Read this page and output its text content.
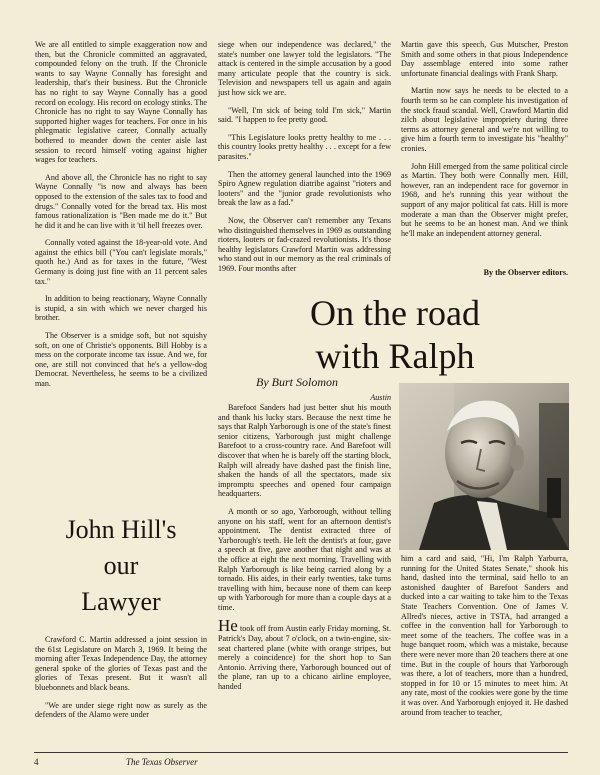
We are all entitled to simple exaggeration now and then, but the Chronicle committed an aggravated, compounded felony on the truth. If the Chronicle wants to say Wayne Connally has foresight and leadership, that's their business. But the Chronicle has no right to say Wayne Connally has a good record on ecology. His record on ecology stinks. The Chronicle has no right to say Wayne Connally has supported higher wages for teachers. For once in his phlegmatic legislative career, Connally actually bothered to meander down the center aisle last session to record himself voting against higher wages for teachers.

And above all, the Chronicle has no right to say Wayne Connally "is now and always has been opposed to the extension of the sales tax to food and drugs." Connally voted for the bread tax. His most famous rationalization is "Ben made me do it." But he did it and he can live with it 'til hell freezes over.

Connally voted against the 18-year-old vote. And against the ethics bill ("You can't legislate morals," quoth he.) And as for taxes in the future, "West Germany is doing just fine with an 11 percent sales tax."

In addition to being reactionary, Wayne Connally is stupid, a sin with which we never charged his brother.

The Observer is a smidge soft, but not squishy soft, on one of Christie's opponents. Bill Hobby is a mess on the corporate income tax issue. And we, for one, are still not convinced that he's a yellow-dog Democrat. Nevertheless, he seems to be a civilized man.

siege when our independence was declared," the state's number one lawyer told the legislators. "The attack is centered in the simple accusation by a good many articulate people that the country is sick. Television and newspapers tell us again and again just how sick we are.

"Well, I'm sick of being told I'm sick," Martin said. "I happen to fee pretty good.

"This Legislature looks pretty healthy to me . . . this country looks pretty healthy . . . except for a few parasites."

Then the attorney general launched into the 1969 Spiro Agnew regulation diatribe against "rioters and looters" and the "junior grade revolutionists who break the law as a fad."

Now, the Observer can't remember any Texans who distinguished themselves in 1969 as outstanding rioters, looters or fad-crazed revolutionists. It's those healthy legislators Crawford Martin was addressing who stand out in our memory as the real criminals of 1969. Four months after

Martin gave this speech, Gus Mutscher, Preston Smith and some others in that pious Independence Day assemblage entered into some rather unfortunate financial dealings with Frank Sharp.

Martin now says he needs to be elected to a fourth term so he can complete his investigation of the stock fraud scandal. Well, Crawford Martin did zilch about legislative impropriety during three terms as attorney general and we're not willing to give him a fourth term to investigate his "healthy" cronies.

John Hill emerged from the same political circle as Martin. They both were Connally men. Hill, however, ran an independent race for governor in 1968, and he's running this year without the support of any major political fat cats. Hill is more moderate a man than the Observer might prefer, but he seems to be an honest man. And we think he'll make an independent attorney general.

By the Observer editors.
On the road
with Ralph
By Burt Solomon
Austin

Barefoot Sanders had just better shut his mouth and thank his lucky stars. Because the next time he says that Ralph Yarborough is one of the state's finest senior citizens, Yarborough just might challenge Barefoot to a cross-country race. And Barefoot will discover that when he is barely off the starting block, Ralph will already have dashed past the finish line, shaken the hands of all the spectators, made six impromptu speeches and opened four campaign headquarters.

A month or so ago, Yarborough, without telling anyone on his staff, went for an afternoon dentist's appointment. The dentist extracted three of Yarborough's teeth. He left the dentist's at four, gave a speech at five, gave another that night and was at the office at eight the next morning. Travelling with Ralph Yarborough is like being carried along by a tornado. His aides, in their early twenties, take turns travelling with him, because none of them can keep up with Yarborough for more than a couple days at a time.

He took off from Austin early Friday morning, St. Patrick's Day, about 7 o'clock, on a twin-engine, six-seat chartered plane (white with orange stripes, but merely a coincidence) for the short hop to San Antonio. Arriving there, Yarborough bounced out of the plane, ran up to a chicano airline employee, handed

him a card and said, "Hi, I'm Ralph Yarburra, running for the United States Senate," shook his hand, dashed into the terminal, said hello to an astonished daughter of Barefoot Sanders and ducked into a car waiting to take him to the Texas State Teachers Convention. One of James V. Allred's nieces, active in TSTA, had arranged a coffee in the convention hall for Yarborough to meet some of the teachers. The coffee was in a huge banquet room, which was a mistake, because there were never more than 20 teachers there at one time. But in the couple of hours that Yarborough was there, a lot of teachers, more than a hundred, stopped in for 10 or 15 minutes to meet him. At any rate, most of the cookies were gone by the time it was over. And Yarborough enjoyed it. He dashed around from teacher to teacher,

John Hill's
our
Lawyer

Crawford C. Martin addressed a joint session in the 61st Legislature on March 3, 1969. It being the morning after Texas Independence Day, the attorney general spoke of the glories of Texas past and the glories of Texas present. But it wasn't all bluebonnets and black beans.

"We are under siege right now as surely as the defenders of the Alamo were under

4	The Texas Observer
